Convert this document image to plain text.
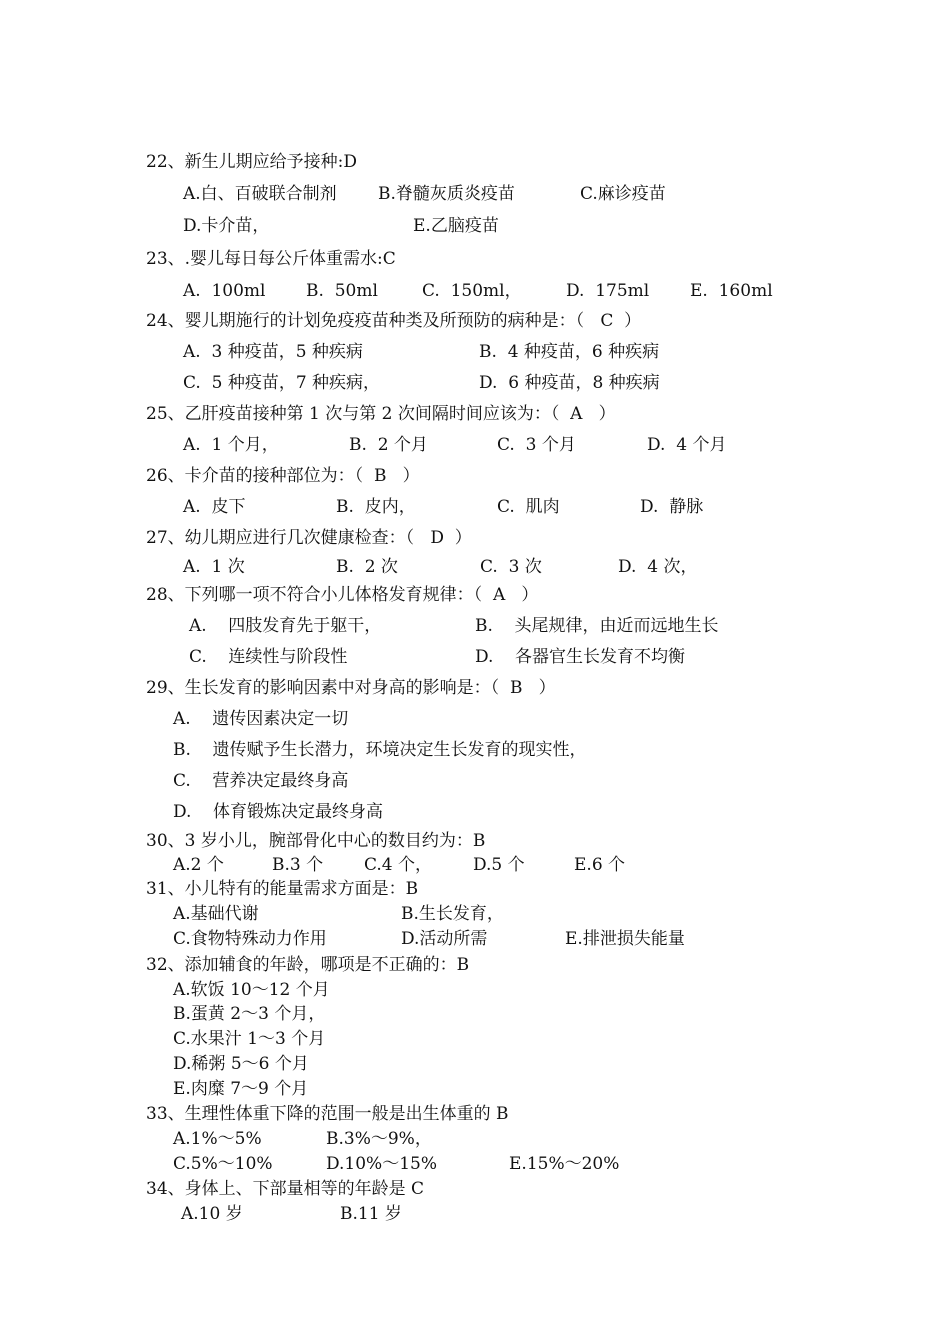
22、新生儿期应给予接种:D
A.白、百破联合制剂 B.脊髓灰质炎疫苗	C.麻诊疫苗
D.卡介苗，	E.乙脑疫苗
23、.婴儿每日每公斤体重需水:C
A.  100ml B.  50ml	C.  150ml，	D.  175ml E.  160ml
24、婴儿期施行的计划免疫疫苗种类及所预防的病种是：（   C  ）
A.  3 种疫苗，5 种疾病	B.  4 种疫苗，6 种疾病
C.  5 种疫苗，7 种疾病，	D.  6 种疫苗，8 种疾病
25、乙肝疫苗接种第 1 次与第 2 次间隔时间应该为：（  A   ）
A.  1 个月，	B.  2 个月	C.  3 个月	D.  4 个月
26、卡介苗的接种部位为：（  B   ）
A.  皮下	B.  皮内，	C.  肌肉	D.  静脉
27、幼儿期应进行几次健康检查：（   D  ）
A.  1 次	B.  2 次	C.  3 次	D.  4 次，
28、下列哪一项不符合小儿体格发育规律：（  A   ）
A.    四肢发育先于躯干，	B.    头尾规律，由近而远地生长
C.    连续性与阶段性	D.    各器官生长发育不均衡
29、生长发育的影响因素中对身高的影响是：（  B   ）
A.    遗传因素决定一切
B.    遗传赋予生长潜力，环境决定生长发育的现实性，
C.    营养决定最终身高
D.    体育锻炼决定最终身高
30、3 岁小儿，腕部骨化中心的数目约为：B
A.2 个	B.3 个 C.4 个， D.5 个	E.6 个
31、小儿特有的能量需求方面是：B
A.基础代谢	B.生长发育，
C.食物特殊动力作用	D.活动所需	E.排泄损失能量
32、添加辅食的年龄，哪项是不正确的：B
A.软饭 10～12 个月
B.蛋黄 2～3 个月，
C.水果汁 1～3 个月
D.稀粥 5～6 个月
E.肉糜 7～9 个月
33、生理性体重下降的范围一般是出生体重的 B
A.1%～5%	B.3%～9%，
C.5%～10%	D.10%～15%	E.15%～20%
34、身体上、下部量相等的年龄是 C
A.10 岁	B.11 岁
